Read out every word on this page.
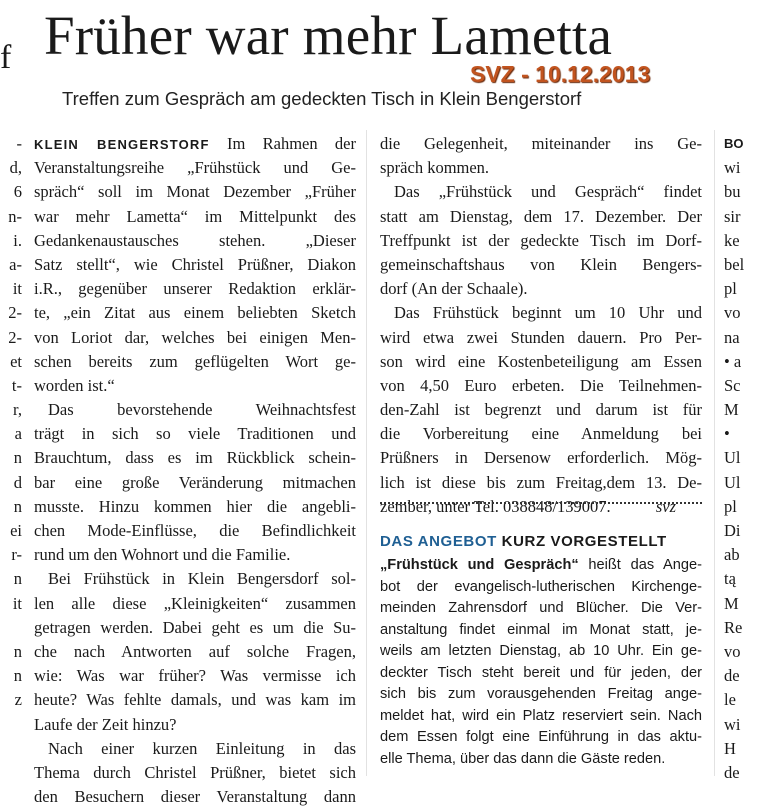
f Früher war mehr Lametta
SVZ - 10.12.2013
Treffen zum Gespräch am gedeckten Tisch in Klein Bengerstorf
-
d,
6
n-
i.
a-
it
2-
2-
et
t-
r,
a
n
d
n
ei
r-
n
it
n
n
z
KLEIN BENGERSTORF Im Rahmen der
Veranstaltungsreihe „Frühstück und Ge-
spräch“ soll im Monat Dezember „Früher
war mehr Lametta“ im Mittelpunkt des
Gedankenaustausches stehen. „Dieser
Satz stellt“, wie Christel Prüßner, Diakon
i.R., gegenüber unserer Redaktion erklär-
te, „ein Zitat aus einem beliebten Sketch
von Loriot dar, welches bei einigen Men-
schen bereits zum geflügelten Wort ge-
worden ist.“
Das bevorstehende Weihnachtsfest
trägt in sich so viele Traditionen und
Brauchtum, dass es im Rückblick schein-
bar eine große Veränderung mitmachen
musste. Hinzu kommen hier die angebli-
chen Mode-Einflüsse, die Befindlichkeit
rund um den Wohnort und die Familie.
Bei Frühstück in Klein Bengersdorf sol-
len alle diese „Kleinigkeiten“ zusammen
getragen werden. Dabei geht es um die Su-
che nach Antworten auf solche Fragen,
wie: Was war früher? Was vermisse ich
heute? Was fehlte damals, und was kam im
Laufe der Zeit hinzu?
Nach einer kurzen Einleitung in das
Thema durch Christel Prüßner, bietet sich
den Besuchern dieser Veranstaltung dann
die Gelegenheit, miteinander ins Ge-
spräch kommen.
Das „Frühstück und Gespräch“ findet
statt am Dienstag, dem 17. Dezember. Der
Treffpunkt ist der gedeckte Tisch im Dorf-
gemeinschaftshaus von Klein Bengers-
dorf (An der Schaale).
Das Frühstück beginnt um 10 Uhr und
wird etwa zwei Stunden dauern. Pro Per-
son wird eine Kostenbeteiligung am Essen
von 4,50 Euro erbeten. Die Teilnehmen-
den-Zahl ist begrenzt und darum ist für
die Vorbereitung eine Anmeldung bei
Prüßners in Dersenow erforderlich. Mög-
lich ist diese bis zum Freitag,dem 13. De-
zember, unter Tel. 038848/139007.	svz
DAS ANGEBOT KURZ VORGESTELLT
„Frühstück und Gespräch“ heißt das Ange-
bot der evangelisch-lutherischen Kirchenge-
meinden Zahrensdorf und Blücher. Die Ver-
anstaltung findet einmal im Monat statt, je-
weils am letzten Dienstag, ab 10 Uhr. Ein ge-
deckter Tisch steht bereit und für jeden, der
sich bis zum vorausgehenden Freitag ange-
meldet hat, wird ein Platz reserviert sein. Nach
dem Essen folgt eine Einführung in das aktu-
elle Thema, über das dann die Gäste reden.
BO
wi
bu
sir
ke
bel
pl
vo
na
• a
Sc
M
•
Ul
Ul
pl
Di
ab
tą
M
Re
vo
de
le
wi
H
de
